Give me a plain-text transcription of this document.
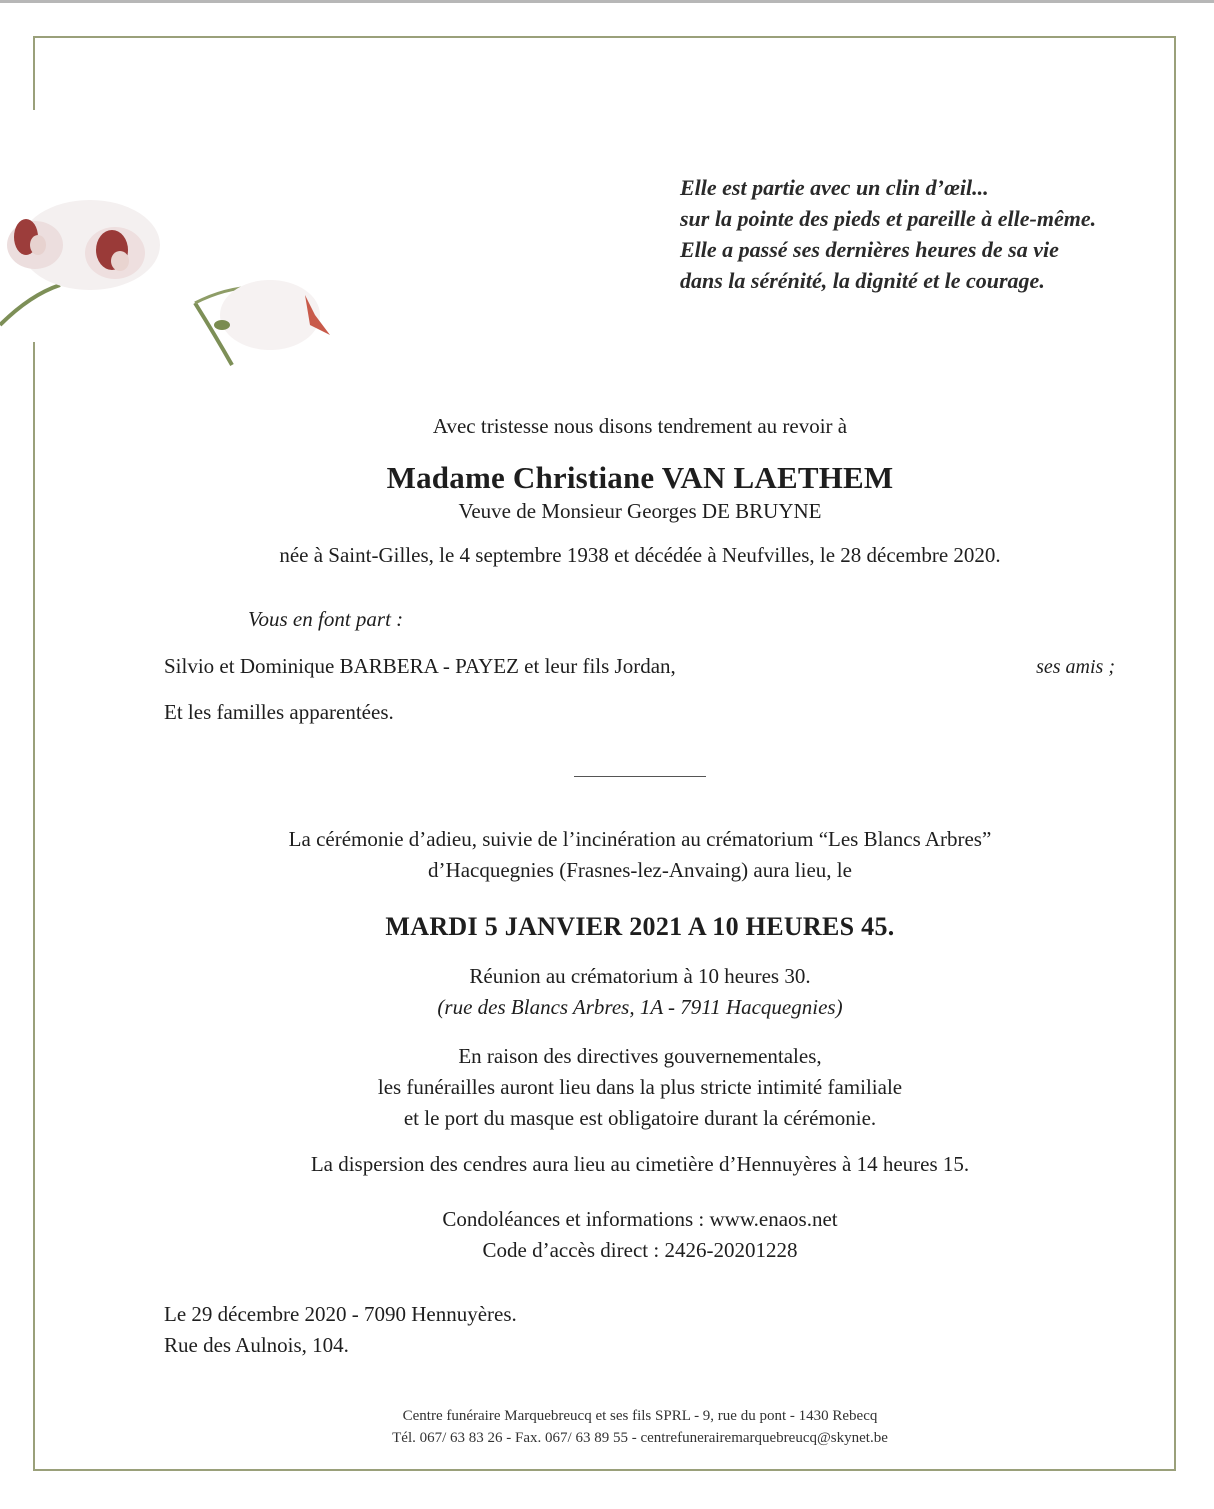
Elle est partie avec un clin d’œil...
sur la pointe des pieds et pareille à elle-même.
Elle a passé ses dernières heures de sa vie
dans la sérénité, la dignité et le courage.
Avec tristesse nous disons tendrement au revoir à
Madame Christiane VAN LAETHEM
Veuve de Monsieur Georges DE BRUYNE
née à Saint-Gilles, le 4 septembre 1938 et décédée à Neufvilles, le 28 décembre 2020.
Vous en font part :
Silvio et Dominique BARBERA - PAYEZ et leur fils Jordan,	ses amis ;
Et les familles apparentées.
La cérémonie d’adieu, suivie de l’incinération au crématorium “Les Blancs Arbres”
d’Hacquegnies (Frasnes-lez-Anvaing) aura lieu, le
MARDI 5 JANVIER 2021 A 10 HEURES 45.
Réunion au crématorium à 10 heures 30.
(rue des Blancs Arbres, 1A - 7911 Hacquegnies)
En raison des directives gouvernementales,
les funérailles auront lieu dans la plus stricte intimité familiale
et le port du masque est obligatoire durant la cérémonie.
La dispersion des cendres aura lieu au cimetière d’Hennuyères à 14 heures 15.
Condoléances et informations : www.enaos.net
Code d’accès direct : 2426-20201228
Le 29 décembre 2020 - 7090 Hennuyères.
Rue des Aulnois, 104.
Centre funéraire Marquebreucq et ses fils SPRL - 9, rue du pont - 1430 Rebecq
Tél. 067/ 63 83 26 - Fax. 067/ 63 89 55 - centrefunerairemarquebreucq@skynet.be
